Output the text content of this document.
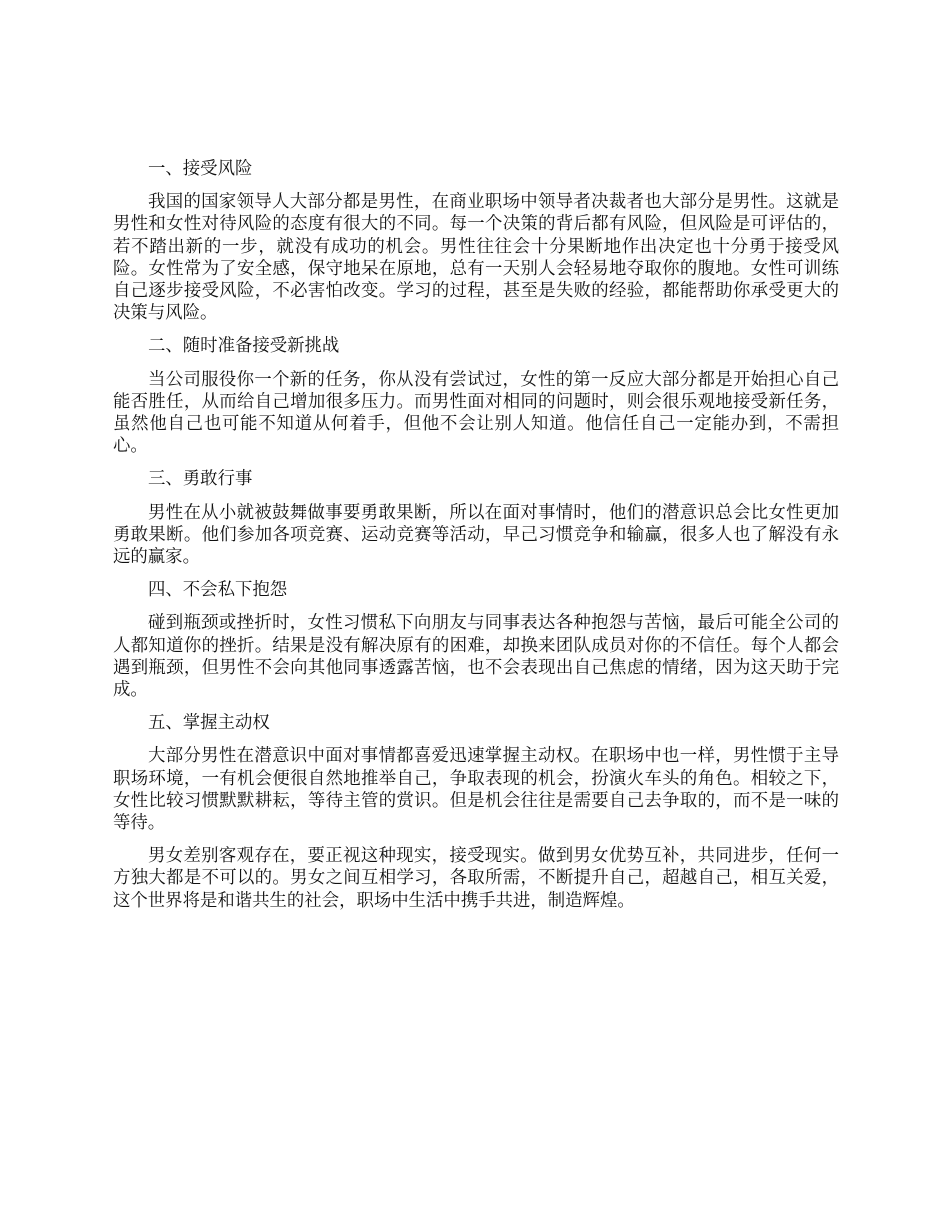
一、接受风险

我国的国家领导人大部分都是男性，在商业职场中领导者决裁者也大部分是男性。这就是男性和女性对待风险的态度有很大的不同。每一个决策的背后都有风险，但风险是可评估的，若不踏出新的一步，就没有成功的机会。男性往往会十分果断地作出决定也十分勇于接受风险。女性常为了安全感，保守地呆在原地，总有一天别人会轻易地夺取你的腹地。女性可训练自己逐步接受风险，不必害怕改变。学习的过程，甚至是失败的经验，都能帮助你承受更大的决策与风险。

二、随时准备接受新挑战

当公司服役你一个新的任务，你从没有尝试过，女性的第一反应大部分都是开始担心自己能否胜任，从而给自己增加很多压力。而男性面对相同的问题时，则会很乐观地接受新任务，虽然他自己也可能不知道从何着手，但他不会让别人知道。他信任自己一定能办到，不需担心。

三、勇敢行事

男性在从小就被鼓舞做事要勇敢果断，所以在面对事情时，他们的潜意识总会比女性更加勇敢果断。他们参加各项竞赛、运动竞赛等活动，早己习惯竞争和输赢，很多人也了解没有永远的赢家。

四、不会私下抱怨

碰到瓶颈或挫折时，女性习惯私下向朋友与同事表达各种抱怨与苦恼，最后可能全公司的人都知道你的挫折。结果是没有解决原有的困难，却换来团队成员对你的不信任。每个人都会遇到瓶颈，但男性不会向其他同事透露苦恼，也不会表现出自己焦虑的情绪，因为这天助于完成。

五、掌握主动权

大部分男性在潜意识中面对事情都喜爱迅速掌握主动权。在职场中也一样，男性惯于主导职场环境，一有机会便很自然地推举自己，争取表现的机会，扮演火车头的角色。相较之下，女性比较习惯默默耕耘，等待主管的赏识。但是机会往往是需要自己去争取的，而不是一味的等待。

男女差别客观存在，要正视这种现实，接受现实。做到男女优势互补，共同进步，任何一方独大都是不可以的。男女之间互相学习，各取所需，不断提升自己，超越自己，相互关爱，这个世界将是和谐共生的社会，职场中生活中携手共进，制造辉煌。
